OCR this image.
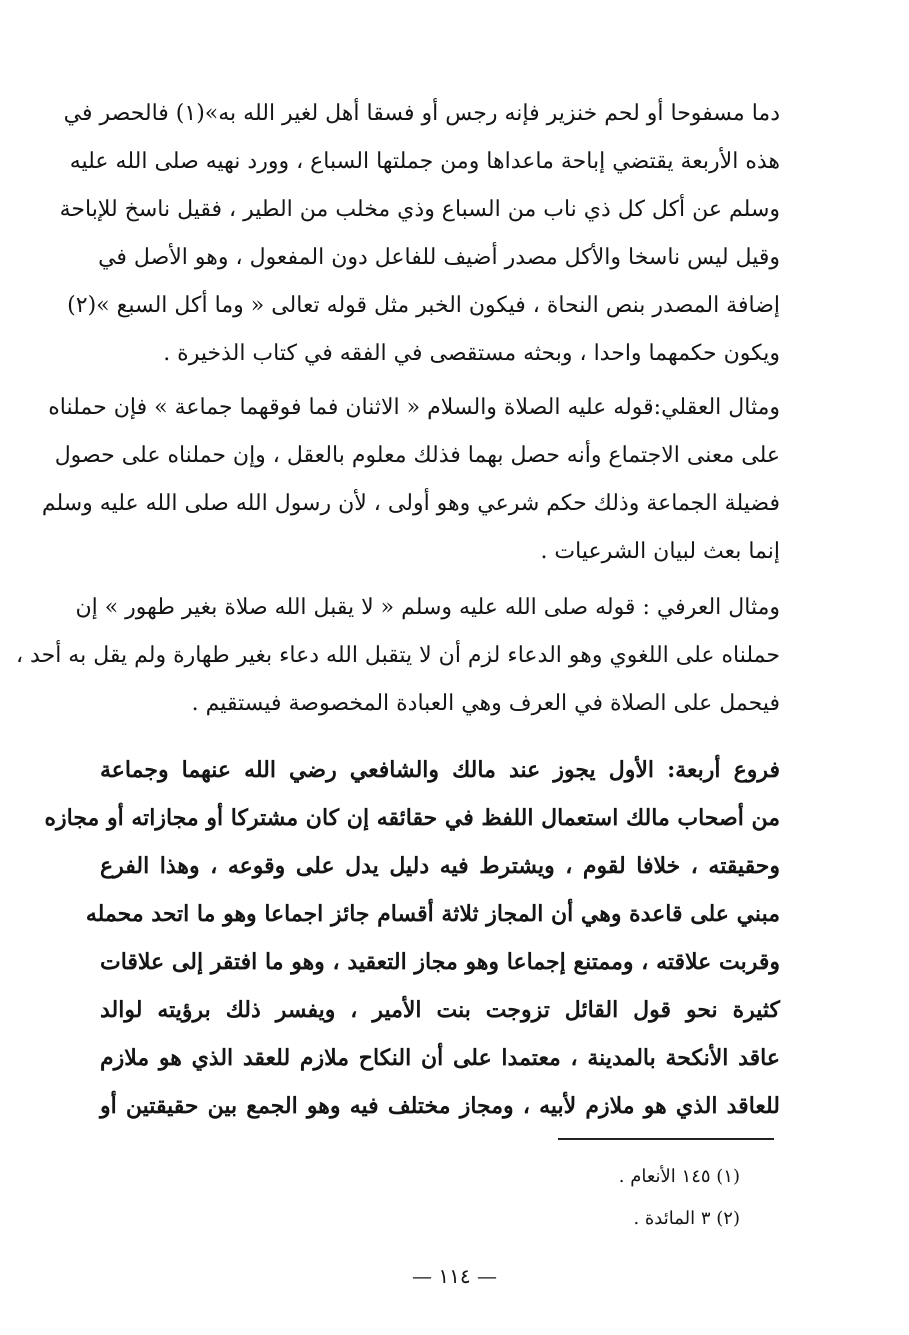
دما مسفوحا أو لحم خنزير فإنه رجس أو فسقا أهل لغير الله به»(١) فالحصر في
هذه الأربعة يقتضي إباحة ماعداها ومن جملتها السباع ، وورد نهيه صلى الله عليه
وسلم عن أكل كل ذي ناب من السباع وذي مخلب من الطير ، فقيل ناسخ للإباحة
وقيل ليس ناسخا والأكل مصدر أضيف للفاعل دون المفعول ، وهو الأصل في
إضافة المصدر بنص النحاة ، فيكون الخبر مثل قوله تعالى « وما أكل السبع »(٢)
ويكون حكمهما واحدا ، وبحثه مستقصى في الفقه في كتاب الذخيرة .
ومثال العقلي:قوله عليه الصلاة والسلام « الاثنان فما فوقهما جماعة » فإن حملناه
على معنى الاجتماع وأنه حصل بهما فذلك معلوم بالعقل ، وإن حملناه على حصول
فضيلة الجماعة وذلك حكم شرعي وهو أولى ، لأن رسول الله صلى الله عليه وسلم
إنما بعث لبيان الشرعيات .
ومثال العرفي : قوله صلى الله عليه وسلم « لا يقبل الله صلاة بغير طهور » إن
حملناه على اللغوي وهو الدعاء لزم أن لا يتقبل الله دعاء بغير طهارة ولم يقل به أحد ،
فيحمل على الصلاة في العرف وهي العبادة المخصوصة فيستقيم .
فروع أربعة: الأول يجوز عند مالك والشافعي رضي الله عنهما وجماعة
من أصحاب مالك استعمال اللفظ في حقائقه إن كان مشتركا أو مجازاته أو مجازه
وحقيقته ، خلافا لقوم ، ويشترط فيه دليل يدل على وقوعه ، وهذا الفرع
مبني على قاعدة وهي أن المجاز ثلاثة أقسام جائز اجماعا وهو ما اتحد محمله
وقربت علاقته ، وممتنع إجماعا وهو مجاز التعقيد ، وهو ما افتقر إلى علاقات
كثيرة نحو قول القائل تزوجت بنت الأمير ، ويفسر ذلك برؤيته لوالد
عاقد الأنكحة بالمدينة ، معتمدا على أن النكاح ملازم للعقد الذي هو ملازم
للعاقد الذي هو ملازم لأبيه ، ومجاز مختلف فيه وهو الجمع بين حقيقتين أو
(١) ١٤٥ الأنعام .
(٢) ٣ المائدة .
— ١١٤ —
